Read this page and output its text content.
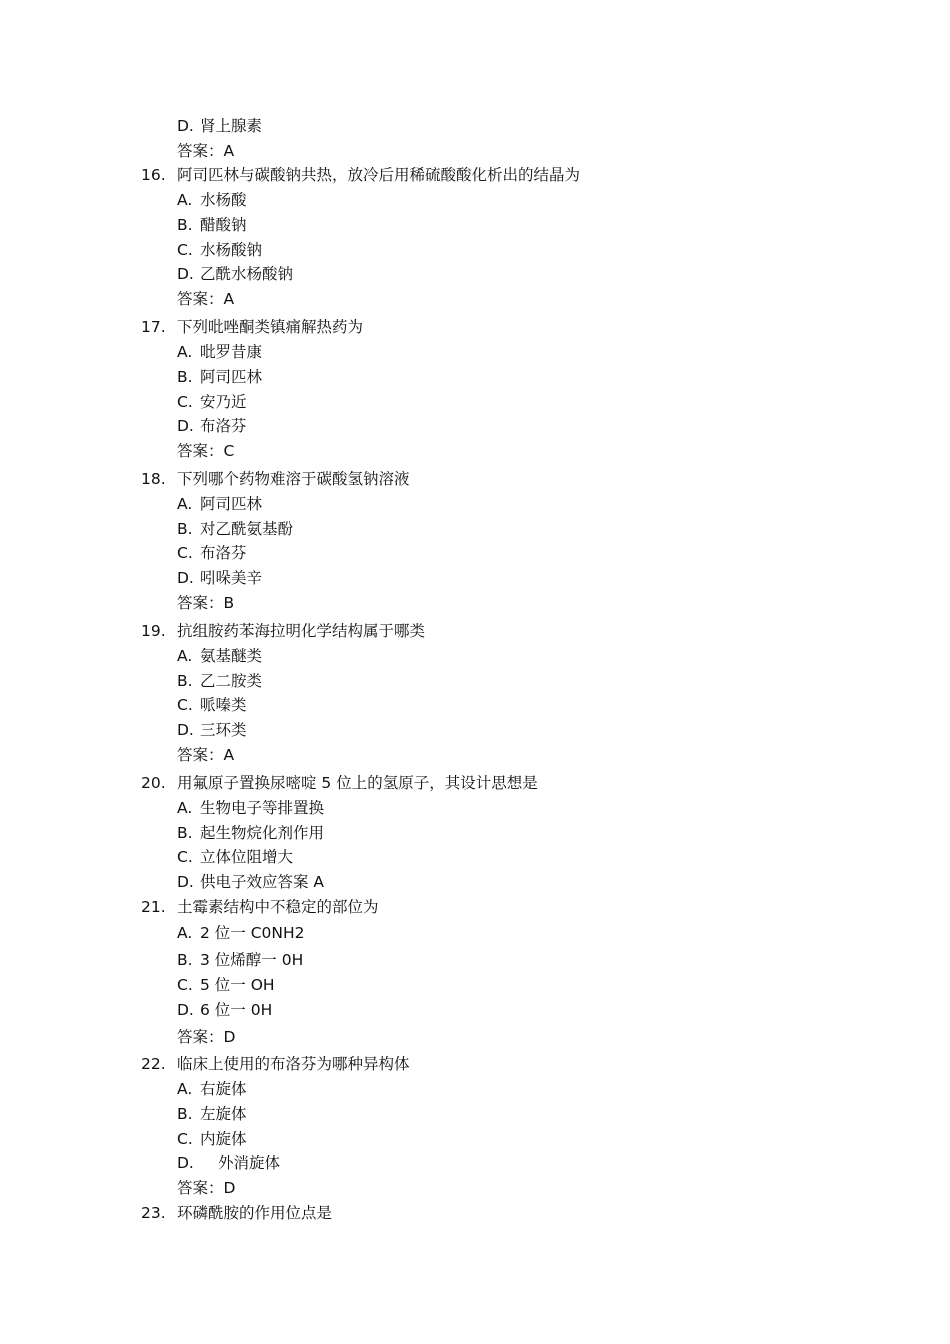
D. 肾上腺素
答案：A
16. 阿司匹林与碳酸钠共热，放冷后用稀硫酸酸化析出的结晶为
A. 水杨酸
B. 醋酸钠
C. 水杨酸钠
D. 乙酰水杨酸钠
答案：A
17. 下列吡唑酮类镇痛解热药为
A. 吡罗昔康
B. 阿司匹林
C. 安乃近
D. 布洛芬
答案：C
18. 下列哪个药物难溶于碳酸氢钠溶液
A. 阿司匹林
B. 对乙酰氨基酚
C. 布洛芬
D. 吲哚美辛
答案：B
19. 抗组胺药苯海拉明化学结构属于哪类
A. 氨基醚类
B. 乙二胺类
C. 哌嗪类
D. 三环类
答案：A
20. 用氟原子置换尿嘧啶 5 位上的氢原子，其设计思想是
A. 生物电子等排置换
B. 起生物烷化剂作用
C. 立体位阻增大
D. 供电子效应答案 A
21. 土霉素结构中不稳定的部位为
A. 2 位一 C0NH2
B. 3 位烯醇一 0H
C. 5 位一 OH
D. 6 位一 0H
答案：D
22. 临床上使用的布洛芬为哪种异构体
A. 右旋体
B. 左旋体
C. 内旋体
D. 外消旋体
答案：D
23. 环磷酰胺的作用位点是
